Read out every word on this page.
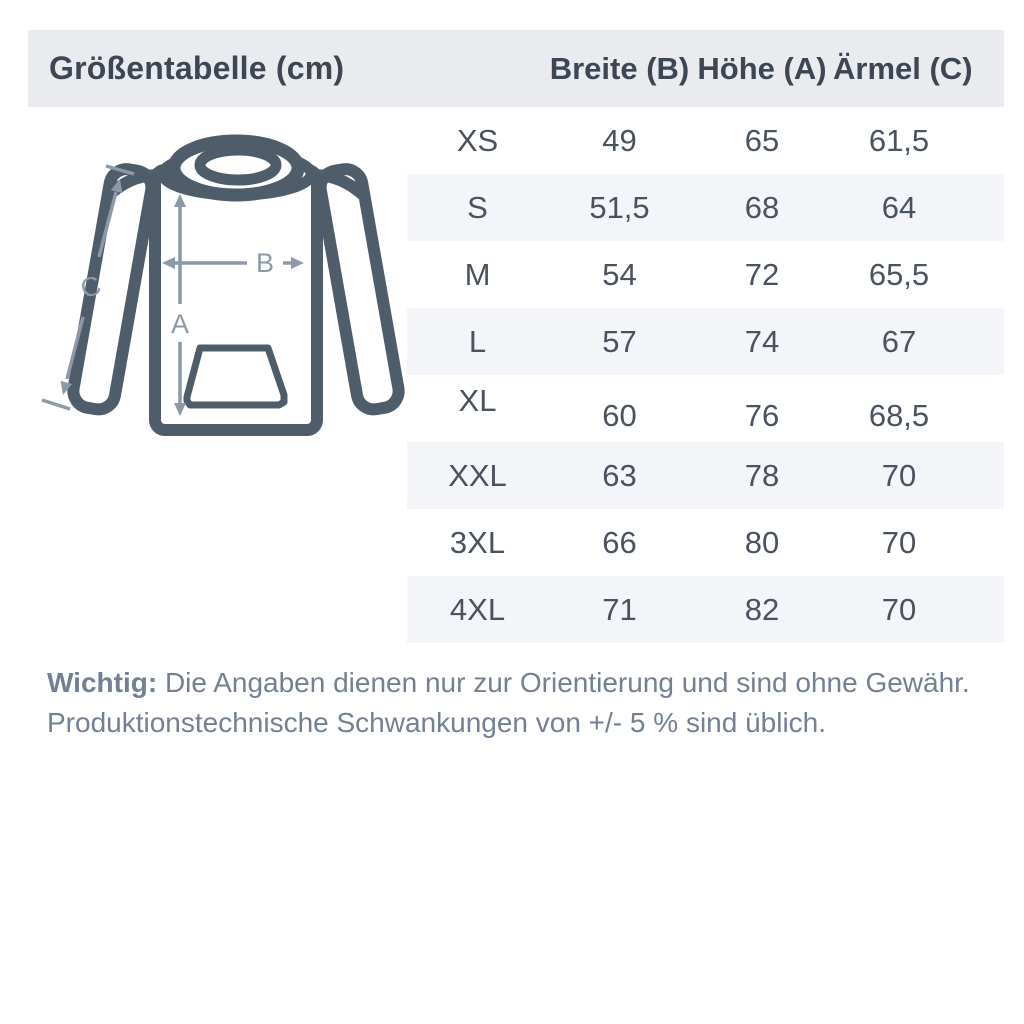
Größentabelle (cm)	Breite (B) Höhe (A) Ärmel (C)
XS	49	65	61,5
S	51,5	68	64
M	54	72	65,5
L	57	74	67
XL	60	76	68,5
XXL	63	78	70
3XL	66	80	70
4XL	71	82	70
A
B
C
Wichtig: Die Angaben dienen nur zur Orientierung und sind ohne Gewähr.
Produktionstechnische Schwankungen von +/- 5 % sind üblich.
